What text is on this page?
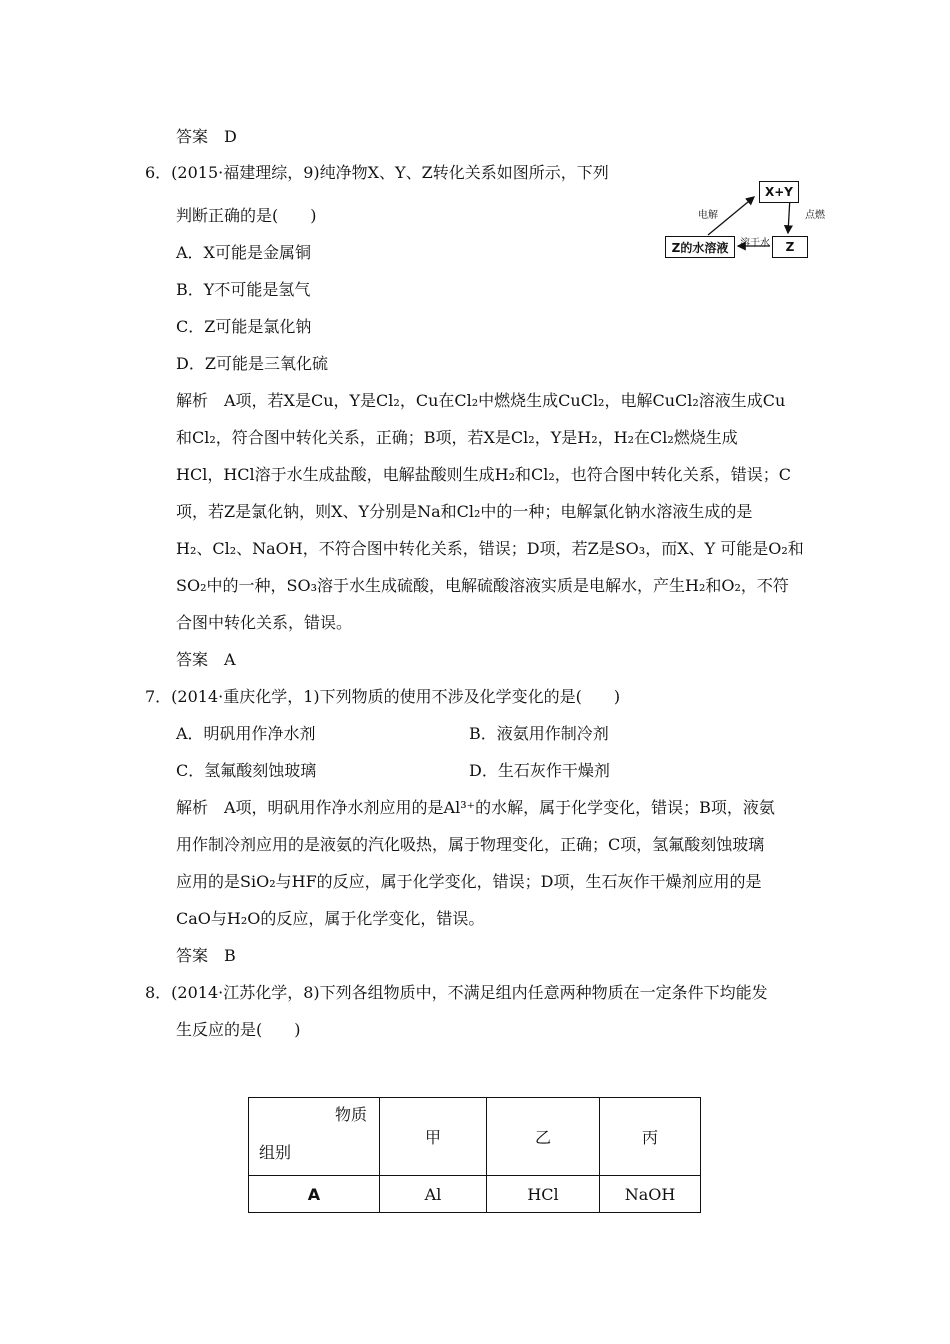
答案　D
6．(2015·福建理综，9)纯净物X、Y、Z转化关系如图所示，下列
判断正确的是(　　)
A．X可能是金属铜
B．Y不可能是氢气
C．Z可能是氯化钠
D．Z可能是三氧化硫
X+Y
Z的水溶液	Z
电解	点燃
溶于水
解析　A项，若X是Cu，Y是Cl₂，Cu在Cl₂中燃烧生成CuCl₂，电解CuCl₂溶液生成Cu
和Cl₂，符合图中转化关系，正确；B项，若X是Cl₂，Y是H₂，H₂在Cl₂燃烧生成
HCl，HCl溶于水生成盐酸，电解盐酸则生成H₂和Cl₂，也符合图中转化关系，错误；C
项，若Z是氯化钠，则X、Y分别是Na和Cl₂中的一种；电解氯化钠水溶液生成的是
H₂、Cl₂、NaOH，不符合图中转化关系，错误；D项，若Z是SO₃，而X、Y 可能是O₂和
SO₂中的一种，SO₃溶于水生成硫酸，电解硫酸溶液实质是电解水，产生H₂和O₂，不符
合图中转化关系，错误。
答案　A
7．(2014·重庆化学，1)下列物质的使用不涉及化学变化的是(　　)
A．明矾用作净水剂	B．液氨用作制冷剂
C．氢氟酸刻蚀玻璃	D．生石灰作干燥剂
解析　A项，明矾用作净水剂应用的是Al³⁺的水解，属于化学变化，错误；B项，液氨
用作制冷剂应用的是液氨的汽化吸热，属于物理变化，正确；C项，氢氟酸刻蚀玻璃
应用的是SiO₂与HF的反应，属于化学变化，错误；D项，生石灰作干燥剂应用的是
CaO与H₂O的反应，属于化学变化，错误。
答案　B
8．(2014·江苏化学，8)下列各组物质中，不满足组内任意两种物质在一定条件下均能发
生反应的是(　　)
物质
组别	甲	乙	丙
A	Al	HCl	NaOH
